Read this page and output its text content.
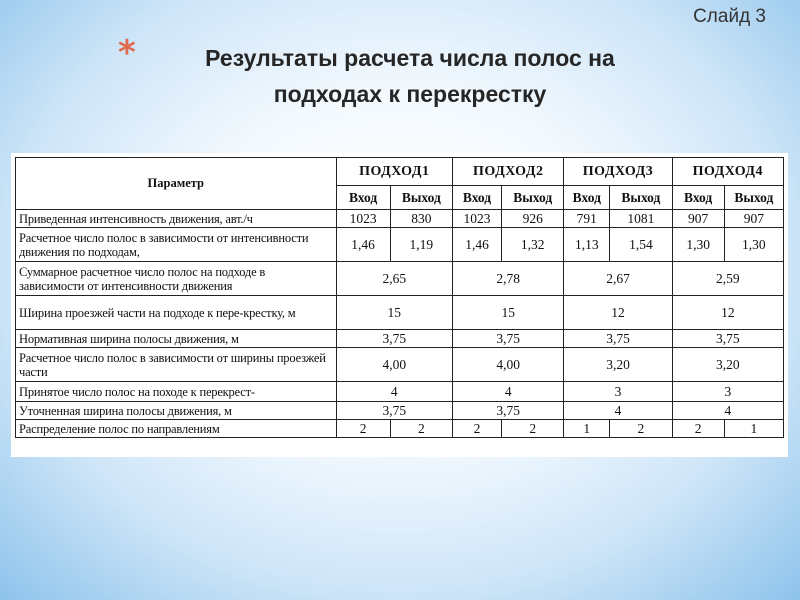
Слайд 3
*	Результаты расчета числа полос на
подходах к перекрестку
Параметр	ПОДХОД1		ПОДХОД2		ПОДХОД3		ПОДХОД4	
	Вход	Выход	Вход	Выход	Вход	Выход	Вход	Выход
Приведенная интенсивность движения, авт./ч	1023	830	1023	926	791	1081	907	907
Расчетное число полос в зависимости от интенсивности движения по подходам,	1,46	1,19	1,46	1,32	1,13	1,54	1,30	1,30
Суммарное расчетное число полос на подходе в зависимости от интенсивности движения	2,65		2,78		2,67		2,59	
Ширина проезжей части на подходе к пере-крестку, м	15		15		12		12	
Нормативная ширина полосы движения, м	3,75		3,75		3,75		3,75	
Расчетное число полос в зависимости от ширины проезжей части	4,00		4,00		3,20		3,20	
Принятое число полос на походе к перекрест-	4		4		3		3	
Уточненная ширина полосы движения, м	3,75		3,75		4		4	
Распределение полос по направлениям	2	2	2	2	1	2	2	1
